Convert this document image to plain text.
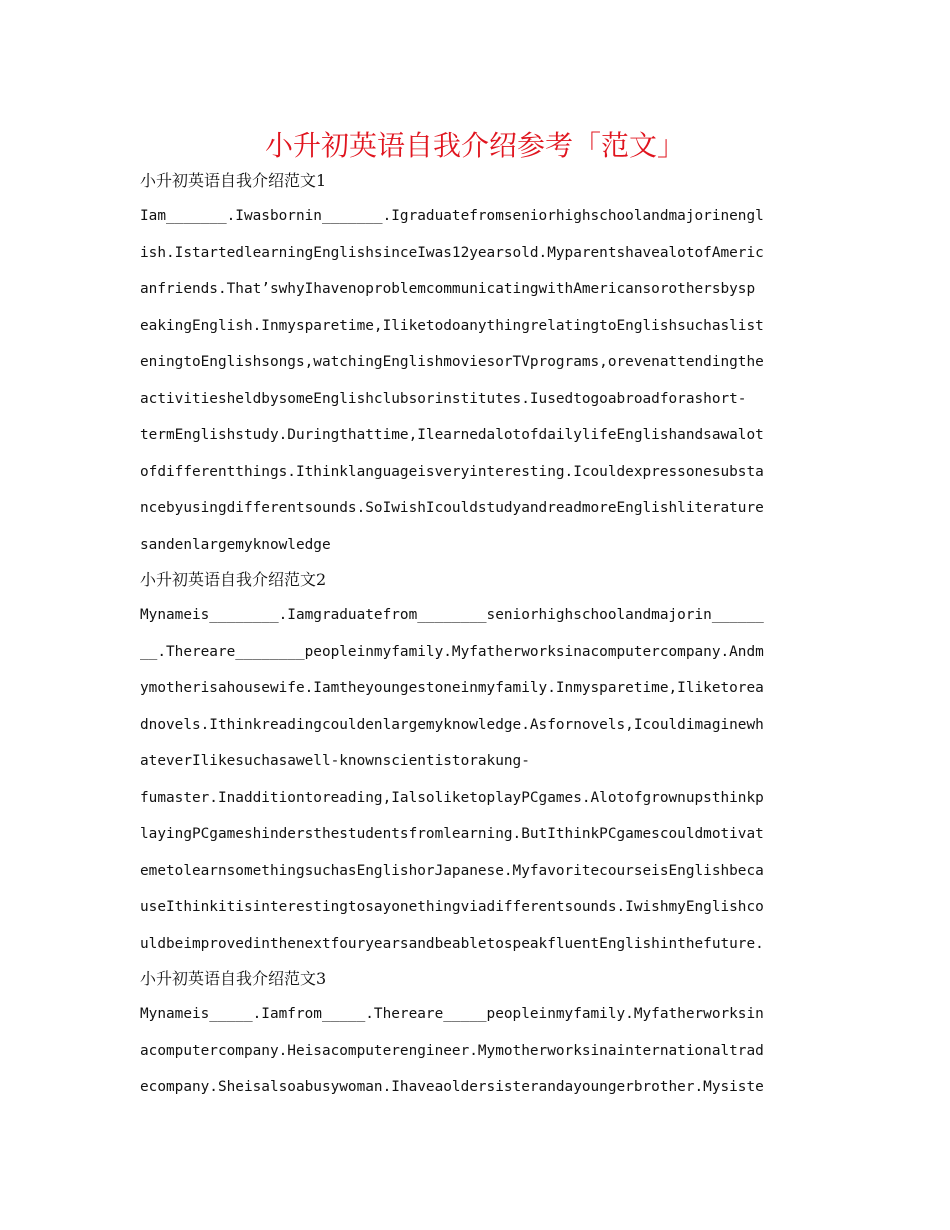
小升初英语自我介绍参考「范文」
小升初英语自我介绍范文1
Iam_______.Iwasbornin_______.Igraduatefromseniorhighschoolandmajorinengl
ish.IstartedlearningEnglishsinceIwas12yearsold.MyparentshavealotofAmeric
anfriends.That’swhyIhavenoproblemcommunicatingwithAmericansorothersbysp
eakingEnglish.Inmysparetime,IliketodoanythingrelatingtoEnglishsuchaslist
eningtoEnglishsongs,watchingEnglishmoviesorTVprograms,orevenattendingthe
activitiesheldbysomeEnglishclubsorinstitutes.Iusedtogoabroadforashort-
termEnglishstudy.Duringthattime,IlearnedalotofdailylifeEnglishandsawalot
ofdifferentthings.Ithinklanguageisveryinteresting.Icouldexpressonesubsta
ncebyusingdifferentsounds.SoIwishIcouldstudyandreadmoreEnglishliterature
sandenlargemyknowledge
小升初英语自我介绍范文2
Mynameis________.Iamgraduatefrom________seniorhighschoolandmajorin______
__.Thereare________peopleinmyfamily.Myfatherworksinacomputercompany.Andm
ymotherisahousewife.Iamtheyoungestoneinmyfamily.Inmysparetime,Iliketorea
dnovels.Ithinkreadingcouldenlargemyknowledge.Asfornovels,Icouldimaginewh
ateverIlikesuchasawell-knownscientistorakung-
fumaster.Inadditiontoreading,IalsoliketoplayPCgames.Alotofgrownupsthinkp
layingPCgameshindersthestudentsfromlearning.ButIthinkPCgamescouldmotivat
emetolearnsomethingsuchasEnglishorJapanese.MyfavoritecourseisEnglishbeca
useIthinkitisinterestingtosayonethingviadifferentsounds.IwishmyEnglishco
uldbeimprovedinthenextfouryearsandbeabletospeakfluentEnglishinthefuture.
小升初英语自我介绍范文3
Mynameis_____.Iamfrom_____.Thereare_____peopleinmyfamily.Myfatherworksin
acomputercompany.Heisacomputerengineer.Mymotherworksinainternationaltrad
ecompany.Sheisalsoabusywoman.Ihaveaoldersisterandayoungerbrother.Mysiste
